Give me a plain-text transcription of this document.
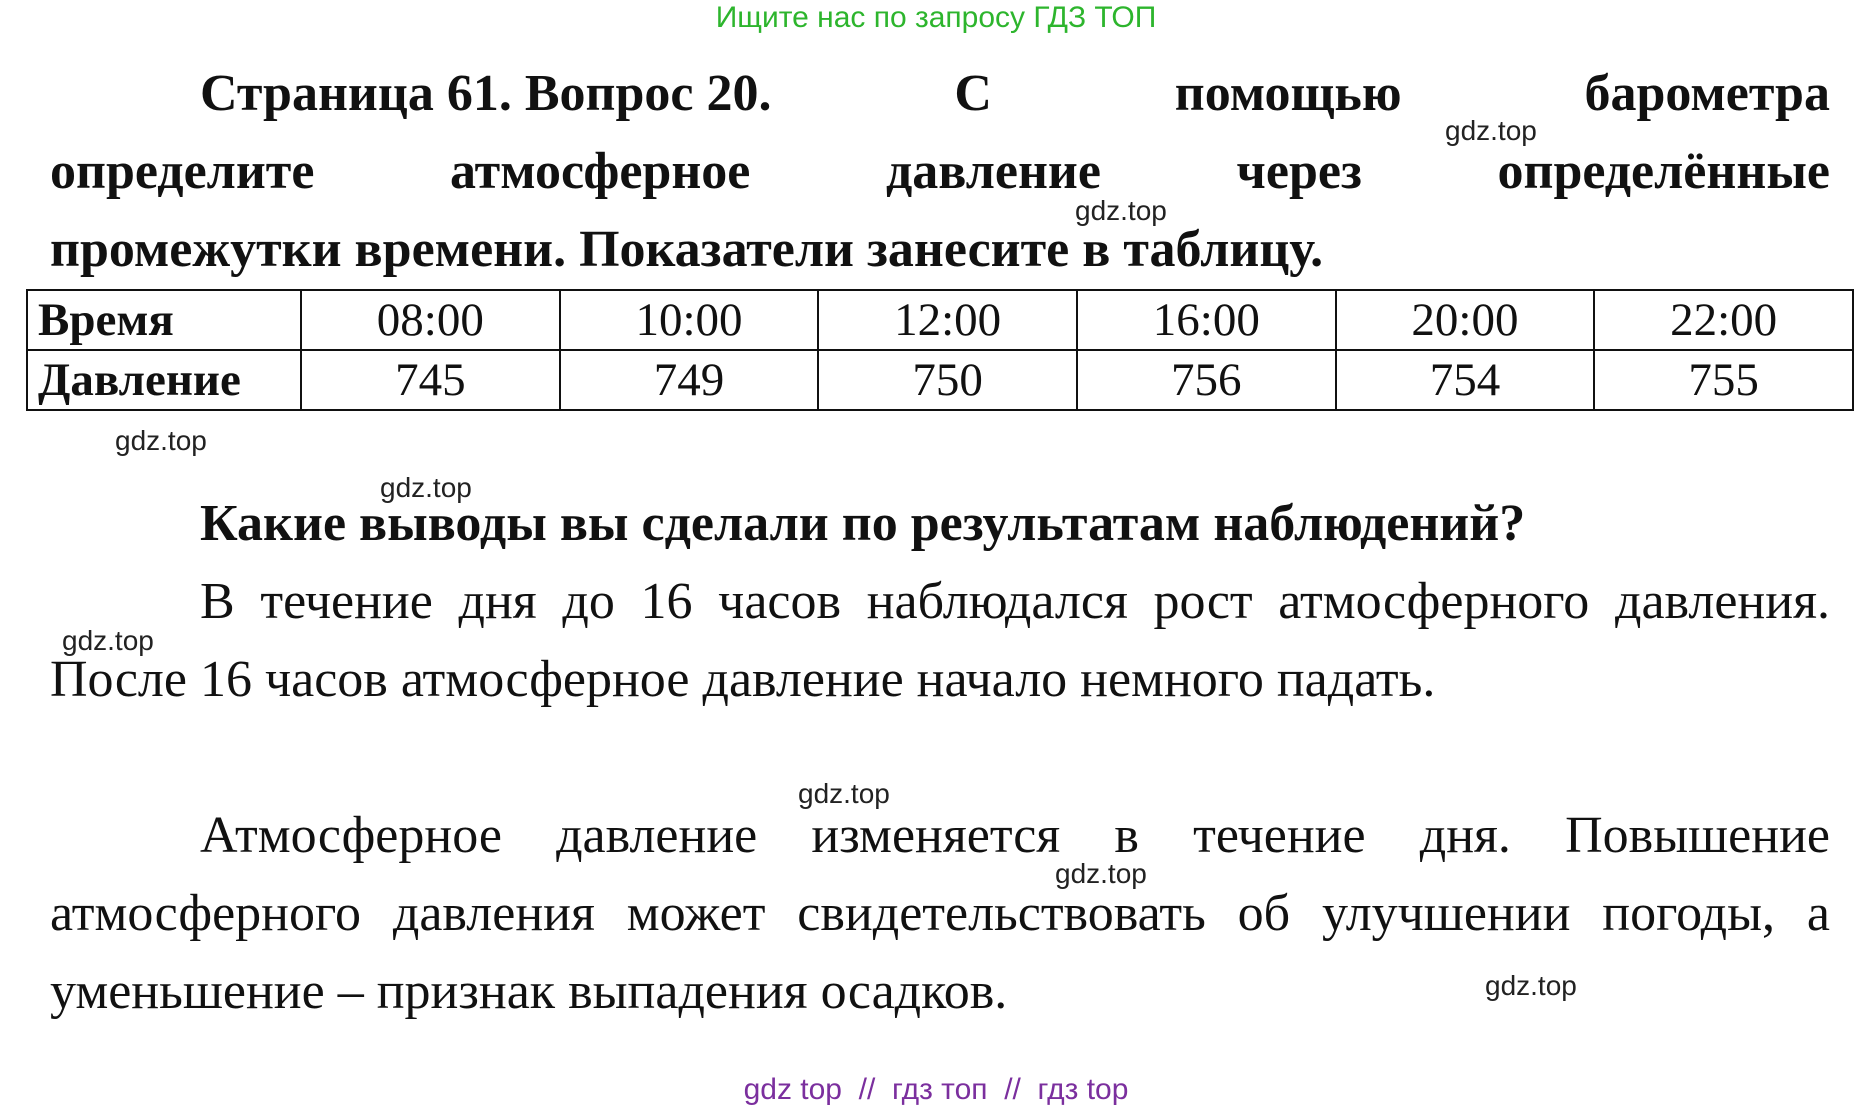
Ищите нас по запросу ГДЗ ТОП
Страница 61. Вопрос 20.	С	помощью	барометра
определите атмосферное давление через определённые
промежутки времени. Показатели занесите в таблицу.
Время	08:00	10:00	12:00	16:00	20:00	22:00
Давление	745	749	750	756	754	755
Какие выводы вы сделали по результатам наблюдений?
В течение дня до 16 часов наблюдался рост атмосферного давления. После 16 часов атмосферное давление начало немного падать.
Атмосферное давление изменяется в течение дня. Повышение атмосферного давления может свидетельствовать об улучшении погоды, а уменьшение – признак выпадения осадков.
gdz.top
gdz.top
gdz.top
gdz.top
gdz.top
gdz.top
gdz.top
gdz.top
gdz top  //  гдз топ  //  гдз top
